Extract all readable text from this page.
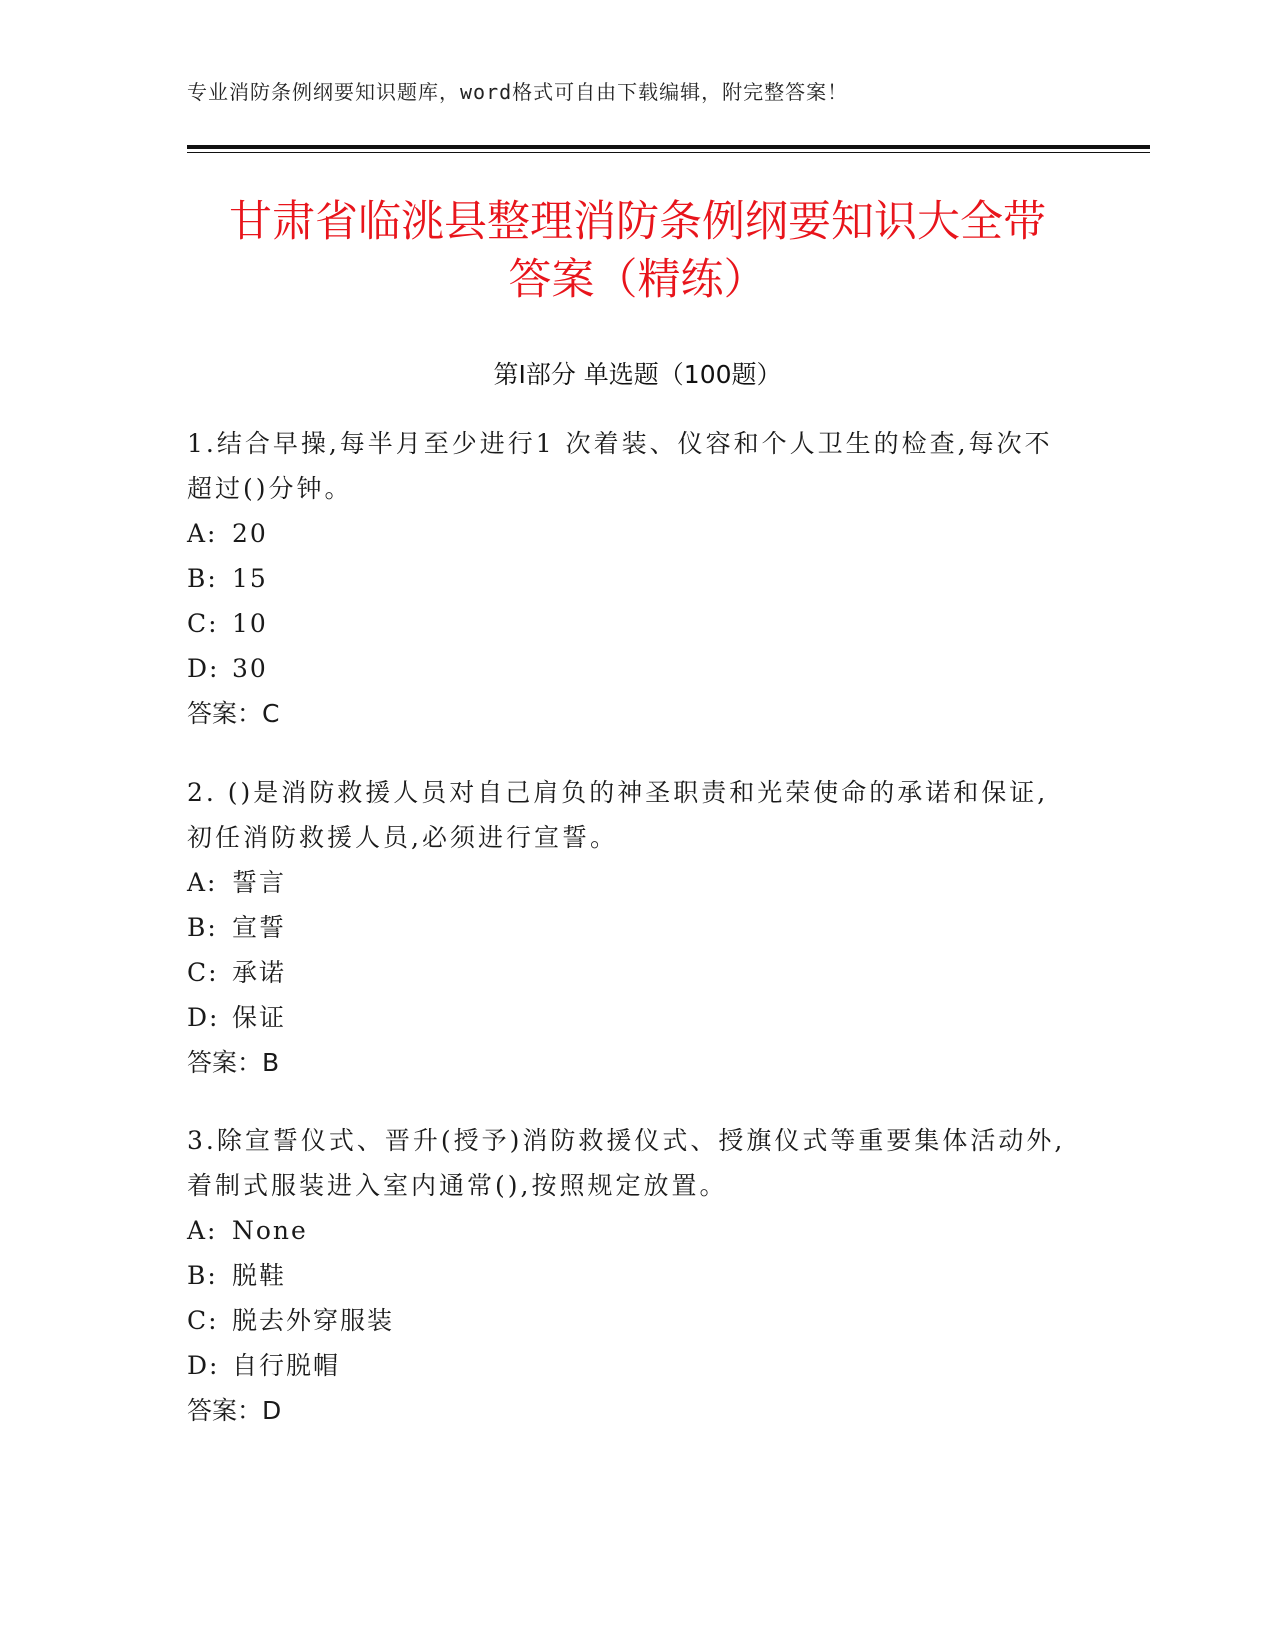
专业消防条例纲要知识题库，word格式可自由下载编辑，附完整答案！
甘肃省临洮县整理消防条例纲要知识大全带
答案（精练）
第Ⅰ部分 单选题（100题）

1.结合早操,每半月至少进行1 次着装、仪容和个人卫生的检查,每次不超过()分钟。

A: 20

B: 15

C: 10

D: 30

答案：C

2. ()是消防救援人员对自己肩负的神圣职责和光荣使命的承诺和保证,初任消防救援人员,必须进行宣誓。

A: 誓言

B: 宣誓

C: 承诺

D: 保证

答案：B

3.除宣誓仪式、晋升(授予)消防救援仪式、授旗仪式等重要集体活动外,着制式服装进入室内通常(),按照规定放置。

A: None

B: 脱鞋

C: 脱去外穿服装

D: 自行脱帽

答案：D
